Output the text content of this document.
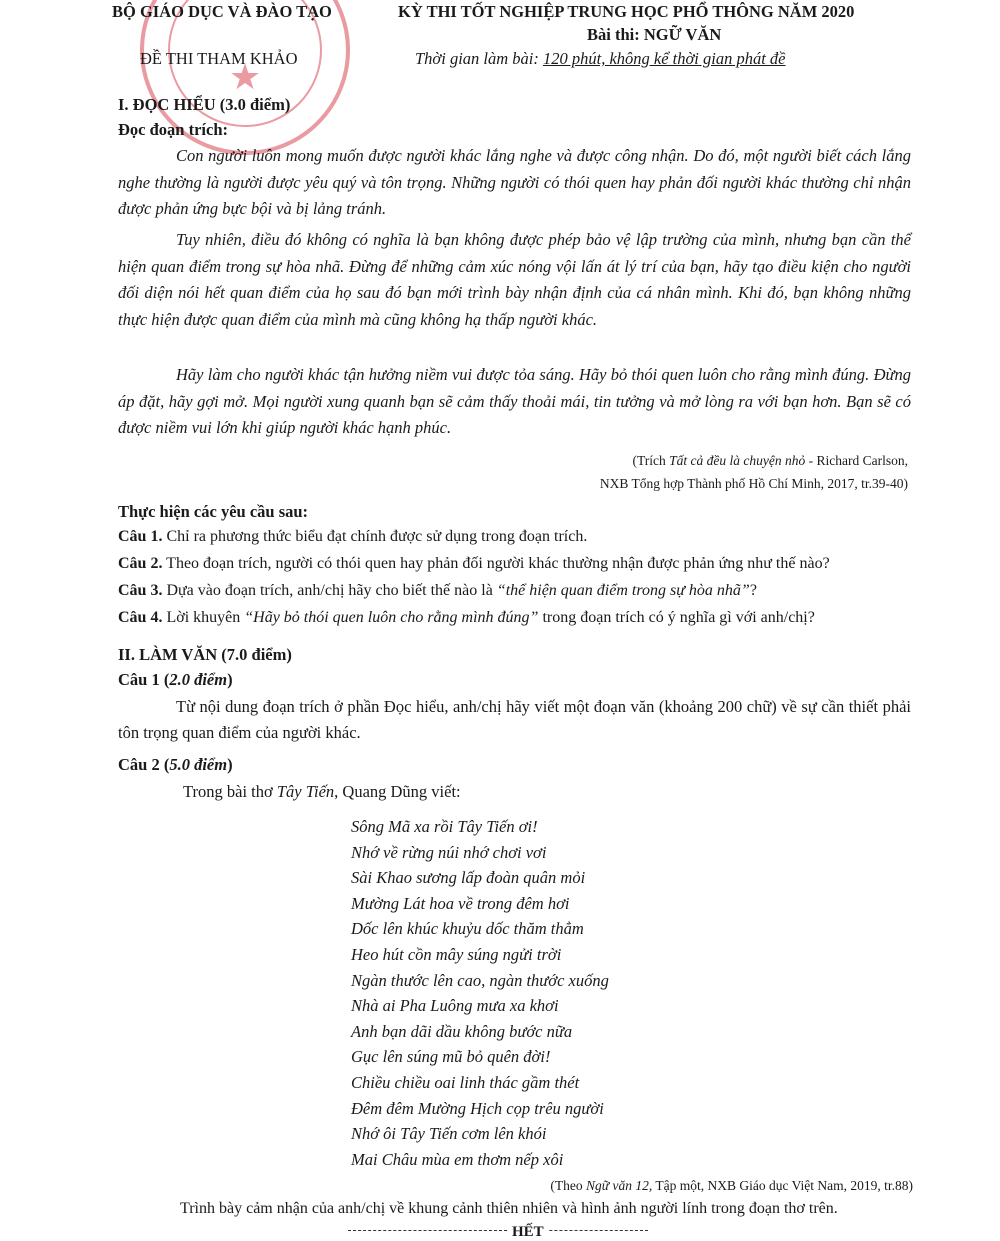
★
BỘ GIÁO DỤC VÀ ĐÀO TẠO	KỲ THI TỐT NGHIỆP TRUNG HỌC PHỔ THÔNG NĂM 2020
Bài thi: NGỮ VĂN
ĐỀ THI THAM KHẢO	Thời gian làm bài: 120 phút, không kể thời gian phát đề
I. ĐỌC HIỂU (3.0 điểm)
Đọc đoạn trích:
Con người luôn mong muốn được người khác lắng nghe và được công nhận. Do đó, một người biết cách lắng nghe thường là người được yêu quý và tôn trọng. Những người có thói quen hay phản đối người khác thường chỉ nhận được phản ứng bực bội và bị lảng tránh.
Tuy nhiên, điều đó không có nghĩa là bạn không được phép bảo vệ lập trường của mình, nhưng bạn cần thể hiện quan điểm trong sự hòa nhã. Đừng để những cảm xúc nóng vội lấn át lý trí của bạn, hãy tạo điều kiện cho người đối diện nói hết quan điểm của họ sau đó bạn mới trình bày nhận định của cá nhân mình. Khi đó, bạn không những thực hiện được quan điểm của mình mà cũng không hạ thấp người khác.
Hãy làm cho người khác tận hưởng niềm vui được tỏa sáng. Hãy bỏ thói quen luôn cho rằng mình đúng. Đừng áp đặt, hãy gợi mở. Mọi người xung quanh bạn sẽ cảm thấy thoải mái, tin tưởng và mở lòng ra với bạn hơn. Bạn sẽ có được niềm vui lớn khi giúp người khác hạnh phúc.
(Trích Tất cả đều là chuyện nhỏ - Richard Carlson,
NXB Tổng hợp Thành phố Hồ Chí Minh, 2017, tr.39-40)
Thực hiện các yêu cầu sau:
Câu 1. Chỉ ra phương thức biểu đạt chính được sử dụng trong đoạn trích.
Câu 2. Theo đoạn trích, người có thói quen hay phản đối người khác thường nhận được phản ứng như thế nào?
Câu 3. Dựa vào đoạn trích, anh/chị hãy cho biết thế nào là “thể hiện quan điểm trong sự hòa nhã”?
Câu 4. Lời khuyên “Hãy bỏ thói quen luôn cho rằng mình đúng” trong đoạn trích có ý nghĩa gì với anh/chị?
II. LÀM VĂN (7.0 điểm)
Câu 1 (2.0 điểm)
Từ nội dung đoạn trích ở phần Đọc hiểu, anh/chị hãy viết một đoạn văn (khoảng 200 chữ) về sự cần thiết phải tôn trọng quan điểm của người khác.
Câu 2 (5.0 điểm)
Trong bài thơ Tây Tiến, Quang Dũng viết:
Sông Mã xa rồi Tây Tiến ơi!
Nhớ về rừng núi nhớ chơi vơi
Sài Khao sương lấp đoàn quân mỏi
Mường Lát hoa về trong đêm hơi
Dốc lên khúc khuỷu dốc thăm thẳm
Heo hút cồn mây súng ngửi trời
Ngàn thước lên cao, ngàn thước xuống
Nhà ai Pha Luông mưa xa khơi
Anh bạn dãi dầu không bước nữa
Gục lên súng mũ bỏ quên đời!
Chiều chiều oai linh thác gầm thét
Đêm đêm Mường Hịch cọp trêu người
Nhớ ôi Tây Tiến cơm lên khói
Mai Châu mùa em thơm nếp xôi
(Theo Ngữ văn 12, Tập một, NXB Giáo dục Việt Nam, 2019, tr.88)
Trình bày cảm nhận của anh/chị về khung cảnh thiên nhiên và hình ảnh người lính trong đoạn thơ trên.
HẾT
